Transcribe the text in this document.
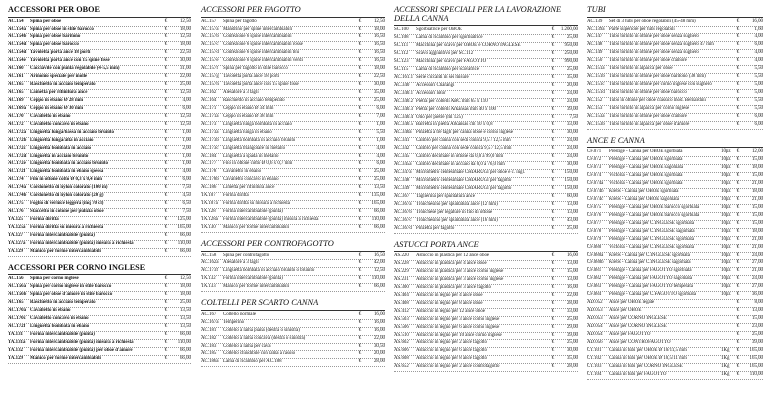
ACCESSORI PER OBOE
AC.154	Spina per oboe	€	12,50
AC.154a Spina per oboe in stile barocco	€	18,00
AC.154b Spina per oboe baritono	€	12,50
AC.154d Spina per oboe barocco	€	18,00
AC.154d Tavoletta porta ance 18 porti	€	22,50
AC.154e Tavoletta porta ance con 15 spine fisse	€	30,00
AC.160	Cacciavite con punta regolabile (4-5,5 mm)	€	31,00
AC.161	Armonio speciale per molle	€	22,00
AC.165	Raschietto in acciaio temperato	€	25,00
AC.165	Lametta per rifinitura ance	€	12,50
AC.169	Ceppo in ebano Ø 28 mm	€	4,00
AC.169a Ceppo in ebano Ø 30 mm	€	6,00
AC.170	Cavalletto in ebano	€	12,50
AC.172	Cavalletto concavo in ebano	€	12,50
AC.172a Linguetta lunga/bassa in acciaio brunito	€	1,00
AC.172b Linguetta lunga/alta in acciaio	€	1,00
AC.172c Linguetta bombata in acciaio	€	2,00
AC.172d Linguetta in acciaio brunito	€	1,00
AC.172e Linguetta bombata in acciaio brunito	€	1,00
AC.172f Linguetta bombata in ebano spessa	€	4,00
AC.174	Filo in ottone cotto Ø 0,3 x 0,4 mm	€	6,00
AC.174a Cordonetto di nylon colorato (100 m)	€	7,50
AC.174b Cordonetto di nylon colorato (20 g)	€	4,50
AC.175	Foglio di vernice leggera (mq 70 cl)	€	6,50
AC.176	Staccetto in cotone per pulizia oboe	€	7,50
TA.125	Forma diritta	€	125,00
TA.125a Forma diritta su misura a richiesta	€	165,00
TA.127	Forma intercambiabile (punta)	€	66,00
TA.127a Forma intercambiabile (punta) misura a richiesta	€	110,00
TA.129	Manico per forme intercambiabili	€	66,00
ACCESSORI PER CORNO INGLESE
AC.156	Spina per corno inglese	€	12,50
AC.156a Spina per corno inglese in stile barocco	€	18,00
AC.156b Spina per oboe d'amore in stile barocco	€	18,00
AC.165	Raschietto in acciaio temperato	€	25,00
AC.170a Cavalletto in ebano	€	13,50
AC.170c Cavalletto concavo in ebano	€	13,50
AC.172f Linguetta bombata in ebano	€	13,50
TA.131	Forma intercambiabile (punta)	€	66,00
TA.131a Forma intercambiabile (punta) misura a richiesta	€	110,00
TA.132	Forma intercambiabile (punta) per oboe d'amore	€	66,00
TA.129	Manico per forme intercambiabili	€	66,00
ACCESSORI PER FAGOTTO
AC.157	Spina per fagotto	€	12,50
AC.157a Mandrino per spine intercambiabili	€	18,00
AC.157b Confezione 6 spine intercambiabili	€	16,50
AC.157c Confezione 6 spine intercambiabili rosse	€	16,50
AC.157d Confezione 6 spine intercambiabili blu	€	16,50
AC.157e Confezione 6 spine intercambiabili verdi	€	16,50
AC.157f	Spina per fagotto in stile barocco	€	18,00
AC.157g Tavoletta porta ance 18 porti	€	22,50
AC.157h Tavoletta porta ance con 15 spine fisse	€	30,00
AC.162	Alesatore a 3 tagli	€	35,00
AC.164	Raschietto in acciaio temperato	€	25,00
AC.171	Ceppo in ebano Ø 34 mm	€	6,00
AC.171a Ceppo in ebano Ø 38 mm	€	7,00
AC.173	Linguetta lunga bombata in acciaio	€	1,00
AC.173a Linguetta lunga in ebano	€	5,50
AC.173b Linguetta bombata in acciaio brunito	€	1,00
AC.173c Linguetta triangolare in metallo	€	4,00
AC.184	Linguetta a spada in metallo	€	4,00
AC.177	Filo in ottone cotto Ø 0,6 x 0,7 mm	€	6,00
AC.178	Cavalletto in ebano	€	25,00
AC.178b Cavalletto concavo in ebano	€	25,00
AC.186	Limetta per rifinitura ance	€	13,50
TA.107	Forma diritta	€	135,00
TA.107a	Forma diritta su misura a richiesta	€	165,00
TA.128	Forma intercambiabile (punta)	€	66,00
TA.128a	Forma intercambiabile (punta) misura a richiesta	€	110,00
TA.130	Manico per forme intercambiabili	€	66,00
ACCESSORI PER CONTROFAGOTTO
AC.158	Spina per controfagotto	€	16,50
AC.162a Alesatore a 3 tagli	€	42,00
AC.173f	Linguetta bombata in acciaio brunito o brunito	€	12,50
TA.132	Forma intercambiabile (punta)	€	110,00
TA.133	Manico per forme intercambiabili	€	66,00
COLTELLI PER SCARTO CANNA
AC.167	Coltello normale	€	16,00
AC.167a Temperino	€	16,00
AC.181	Coltello a lama piana (destra o sinistra)	€	16,00
AC.182	Coltello a lama concava (destra o sinistra)	€	22,00
AC.183	Coltello a lama per cava	€	30,50
AC.185	Coltello chiudibile con lama a rasoio	€	20,00
AC.186a Lama di ricambio per AC.188	€	28,00
ACCESSORI SPECIALI PER LA LAVORAZIONE DELLA CANNA
SC.100	Sgorbiatrice per OBOE	€	1.200,00
SC.108	Lama di ricambio per sgorbiatrice	€	25,00
SC.111	Macchina per scavo per OBOE e CORNO INGLESE	€	950,00
SC.112	Scavo aggiuntivo per SC.112	€	250,00
SC.123	Macchina per scavo per FAGOTTO	€	990,00
SC.115	Lama di ricambio per scavatrice	€	25,00
AC.161.1 Serie ciccanti in sei misure	€	35,00
AC.340	Accessori Charangi	€	20,00
AC.340.1 Accessori lotor	€	24,00
AC.340.2 Pietra per coltelli ABC mm 65 x 110	€	24,00
AC.340.3 Pietra per coltelli Arkansas mm 40 x 100	€	39,00
AC.340.4 Olio per pietre (ml 125)	€	7,50
AC.340.5 Barretta in pietra Arkansas cm 10 x 0,8	€	33,00
AC.340a Pinzetta a tre tagli per canna oboe e corno inglese	€	30,00
AC.341	Calibro per canna con sedi conica 9,5 / 12,5 mm	€	24,00
AC.342	Calibro per canna con sede conica 9,5 / 12,5 mm	€	24,00
AC.345	Calibro decimale in ottone da 0,0 a 99,0 mm	€	24,00
AC.345a Calibro decimale in acciaio da 0,0 a 76,0 mm	€	30,00
AC.347a Micrometro centesimale CHIARUGI per oboe e c. ingl.	€	150,00
AC.348	Micrometro centesimale CHIARUGI per fagotto	€	150,00
AC.349	Micrometro centesimale CHIARUGI per fagotto	€	150,00
AC.367	Taglierina per spuntatura ance	€	60,00
AC.367a Tronchesino per spuntatura ance (12 mm)	€	13,00
AC.367b Tronchese per legature in filo di ottone	€	13,00
AC.367c Tronchesino per spuntatura ance (16 mm)	€	43,00
AC.367d Pinzetta per fagotto	€	25,00
ASTUCCI PORTA ANCE
AS.220	Astuccio in plastica per 12 ance oboe	€	16,00
AS.228	Astuccio in plastica per 4 ance oboe	€	13,00
AS.229	Astuccio in plastica per 3 ance corno inglese	€	15,00
AS.231	Astuccio in plastica per 3 ance corno inglese	€	13,00
AS.300	Astuccio in plastica per 3 ance fagotto	€	16,00
AS.404	Astuccio in legno per 4 ance oboe	€	22,00
AS.408	Astuccio in legno per 8 ance oboe	€	28,00
AS.412	Astuccio in legno per 12 ance oboe	€	33,00
AS.503	Astuccio in legno per 3 ance corno inglese	€	25,00
AS.506	Astuccio in legno per 6 ance corno inglese	€	29,00
AS.510	Astuccio in legno per 10 ance corno inglese	€	39,00
AS.602	Astuccio in legno per 2 ance fagotto	€	25,00
AS.606	Astuccio in legno per 6 ance fagotto	€	30,00
AS.608	Astuccio in legno per 8 ance fagotto	€	35,00
AS.652	Astuccio in legno per 2 ance controfagotto	€	28,00
TUBI
AC.139	Set di 3 tubi per oboe regolabili (45-48 mm)	€	16,00
AC.139a Parte superiore per tubi regolabili	€	1,60
AC.147	Tubo tornito in ottone per oboe senza sughero	€	4,00
AC.148	Tubo tornito in ottone per oboe senza sughero 47 mm	€	6,00
AC.149	Tubo tornito in ottone per oboe senza sughero	€	4,00
AC.150	Tubo tornito in ottone per oboe d'amore	€	4,00
AC.151a Tubo tornito in alpacca per oboe	€	5,50
AC.151b Tubo tornito in ottone per oboe baritono (38 mm)	€	5,50
AC.151c Tubo tornito in ottone per corno inglese con sughero	€	5,00
AC.151d Tubo tornito in ottone per oboe barocco	€	5,00
AC.152	Tubo in ottone per oboe classico mod. Bernardini	€	5,50
AC.153	Tubo tornito in alpacca per corno inglese	€	5,50
AC.153a Tubo tornito in ottone per oboe d'amore	€	6,00
AC.153b Tubo tornito in alpacca per oboe d'amore	€	6,00
ANCE E CANNA
CF.071	Prestige - Canna per OBOE sgorbiata	10pz	€	12,00
CF.072	Prestige - Canna per OBOE sgorbiata	10pz	€	15,00
CF.073	Prestige - Canna per OBOE sagomata	10pz	€	18,00
CF.074	Victoria - Canna per OBOE sgorbiata	10pz	€	15,00
CF.074a	Victoria - Canna per OBOE sgorbiata	10pz	€	21,00
CF.074b	Krebs - Canna per OBOE sgorbiata	10pz	€	18,00
CF.074c	Krebs - Canna per OBOE sagomata	10pz	€	21,00
CF.075	Prestige - Canna per OBOE barocco sgorbiata	10pz	€	15,00
CF.076	Prestige - Canna per OBOE barocco sgorbiata	10pz	€	15,00
CF.077	Prestige - Canna per C.INGLESE sgorbiata	10pz	€	15,00
CF.078	Prestige - Canna per C.INGLESE sagomata	10pz	€	18,00
CF.079	Prestige - Canna per C.INGLESE sgorbiata	10pz	€	21,00
CF.080	Victoria - Canna per C.INGLESE sgorbiata	10pz	€	21,00
CF.080a	Krebs - Canna per C.INGLESE sgorbiata	10pz	€	24,00
CF.080b	Krebs - Canna per C.INGLESE sagomata	10pz	€	27,00
CF.081	Prestige - Canna per FAGOTTO sgorbiata	10pz	€	21,00
CF.082	Prestige - Canna per FAGOTTO sagomata	10pz	€	24,00
CF.083	Prestige - Canna per FAGOTTO temperata	10pz	€	27,00
CF.084	Prestige - Canna per C.FAGOTTO sgorbiata	10pz	€	36,00
AD.052	Ance per OBOE legate	€	8,00
AD.053	Ance per OBOE	€	13,00
AD.053	Ance per CORNO INGLESE	€	15,00
AD.054	Ance per CORNO INGLESE	€	23,00
AD.054	Ance per FAGOTTO	€	25,00
AD.056	Ance per CONTROFAGOTTO	€	39,00
CT.101	Canna in tubi per OBOE Ø 10/11,5 mm	1Kg	€	165,00
CT.102	Canna in tubi per OBOE Ø 10,5/11 mm	1Kg	€	165,00
CT.103	Canna in tubi per CORNO INGLESE	1Kg	€	165,00
CT.104	Canna in tubi per FAGOTTO	1Kg	€	110,00
